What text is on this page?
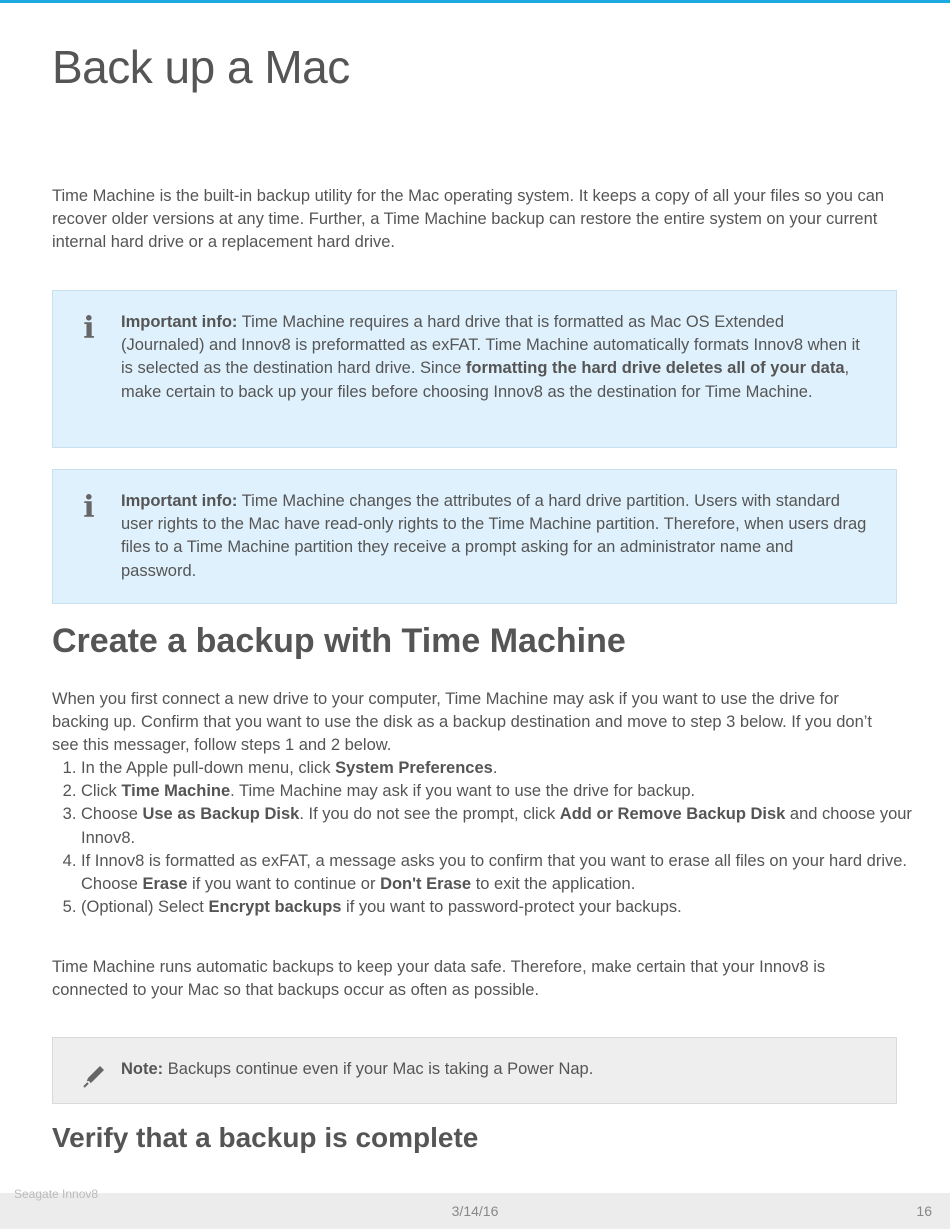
Back up a Mac

Time Machine is the built-in backup utility for the Mac operating system. It keeps a copy of all your files so you can recover older versions at any time. Further, a Time Machine backup can restore the entire system on your current internal hard drive or a replacement hard drive.

i Important info: Time Machine requires a hard drive that is formatted as Mac OS Extended (Journaled) and Innov8 is preformatted as exFAT. Time Machine automatically formats Innov8 when it is selected as the destination hard drive. Since formatting the hard drive deletes all of your data, make certain to back up your files before choosing Innov8 as the destination for Time Machine.

i Important info: Time Machine changes the attributes of a hard drive partition. Users with standard user rights to the Mac have read-only rights to the Time Machine partition. Therefore, when users drag files to a Time Machine partition they receive a prompt asking for an administrator name and password.

Create a backup with Time Machine

When you first connect a new drive to your computer, Time Machine may ask if you want to use the drive for backing up. Confirm that you want to use the disk as a backup destination and move to step 3 below. If you don’t see this messager, follow steps 1 and 2 below.

1. In the Apple pull-down menu, click System Preferences.
2. Click Time Machine. Time Machine may ask if you want to use the drive for backup.
3. Choose Use as Backup Disk. If you do not see the prompt, click Add or Remove Backup Disk and choose your Innov8.
4. If Innov8 is formatted as exFAT, a message asks you to confirm that you want to erase all files on your hard drive. Choose Erase if you want to continue or Don't Erase to exit the application.
5. (Optional) Select Encrypt backups if you want to password-protect your backups.

Time Machine runs automatic backups to keep your data safe. Therefore, make certain that your Innov8 is connected to your Mac so that backups occur as often as possible.

Note: Backups continue even if your Mac is taking a Power Nap.

Verify that a backup is complete
Seagate Innov8
3/14/16	16
